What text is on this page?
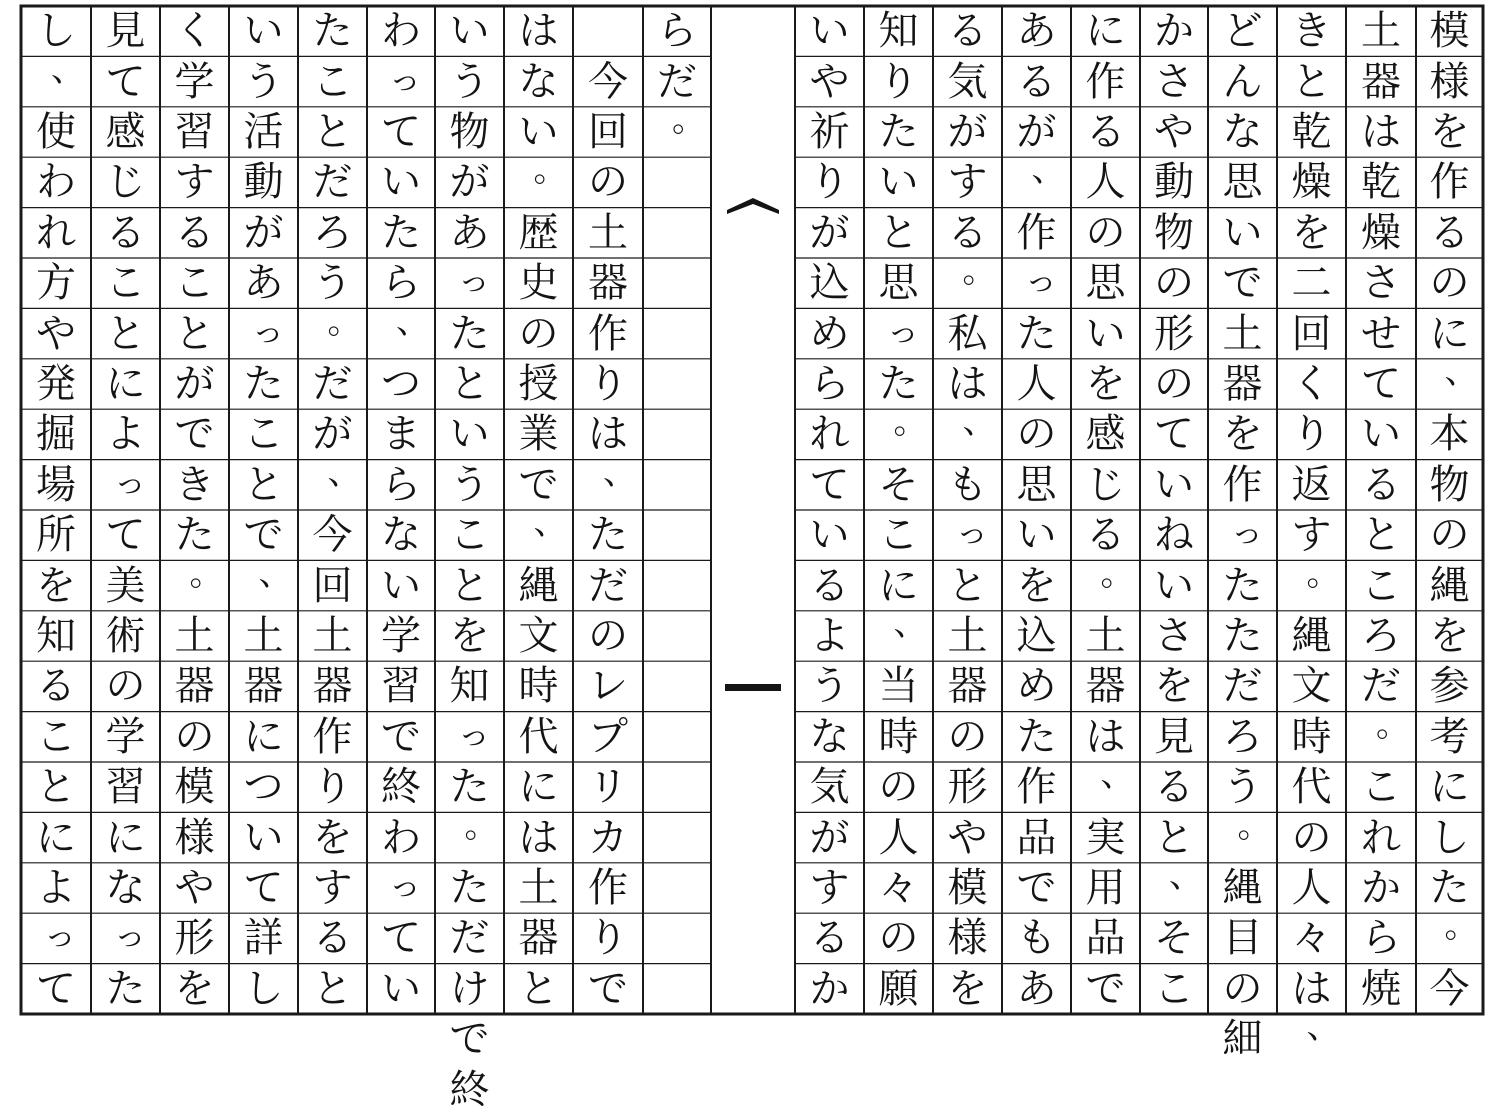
模
様
を
作
る
の
に
、
本
物
の
縄
を
参
考
に
し
た
。
今
土
器
は
乾
燥
さ
せ
て
い
る
と
こ
ろ
だ
。
こ
れ
か
ら
焼
き
と
乾
燥
を
二
回
く
り
返
す
。
縄
文
時
代
の
人
々
は
、
ど
ん
な
思
い
で
土
器
を
作
っ
た
た
だ
ろ
う
。
縄
目
の
細
か
さ
や
動
物
の
形
の
て
い
ね
い
さ
を
見
る
と
、
そ
こ
に
作
る
人
の
思
い
を
感
じ
る
。
土
器
は
、
実
用
品
で
あ
る
が
、
作
っ
た
人
の
思
い
を
込
め
た
作
品
で
も
あ
る
気
が
す
る
。
私
は
、
も
っ
と
土
器
の
形
や
模
様
を
知
り
た
い
と
思
っ
た
。
そ
こ
に
、
当
時
の
人
々
の
願
い
や
祈
り
が
込
め
ら
れ
て
い
る
よ
う
な
気
が
す
る
か
ら
だ
。

今
回
の
土
器
作
り
は
、
た
だ
の
レ
プ
リ
カ
作
り
で
は
な
い
。
歴
史
の
授
業
で
、
縄
文
時
代
に
は
土
器
と
い
う
物
が
あ
っ
た
と
い
う
こ
と
を
知
っ
た
。
た
だ
け
で
終
わ
っ
て
い
た
ら
、
つ
ま
ら
な
い
学
習
で
終
わ
っ
て
い
た
こ
と
だ
ろ
う
。
だ
が
、
今
回
土
器
作
り
を
す
る
と
い
う
活
動
が
あ
っ
た
こ
と
で
、
土
器
に
つ
い
て
詳
し
く
学
習
す
る
こ
と
が
で
き
た
。
土
器
の
模
様
や
形
を
見
て
感
じ
る
こ
と
に
よ
っ
て
美
術
の
学
習
に
な
っ
た
し
、
使
わ
れ
方
や
発
掘
場
所
を
知
る
こ
と
に
よ
っ
て
